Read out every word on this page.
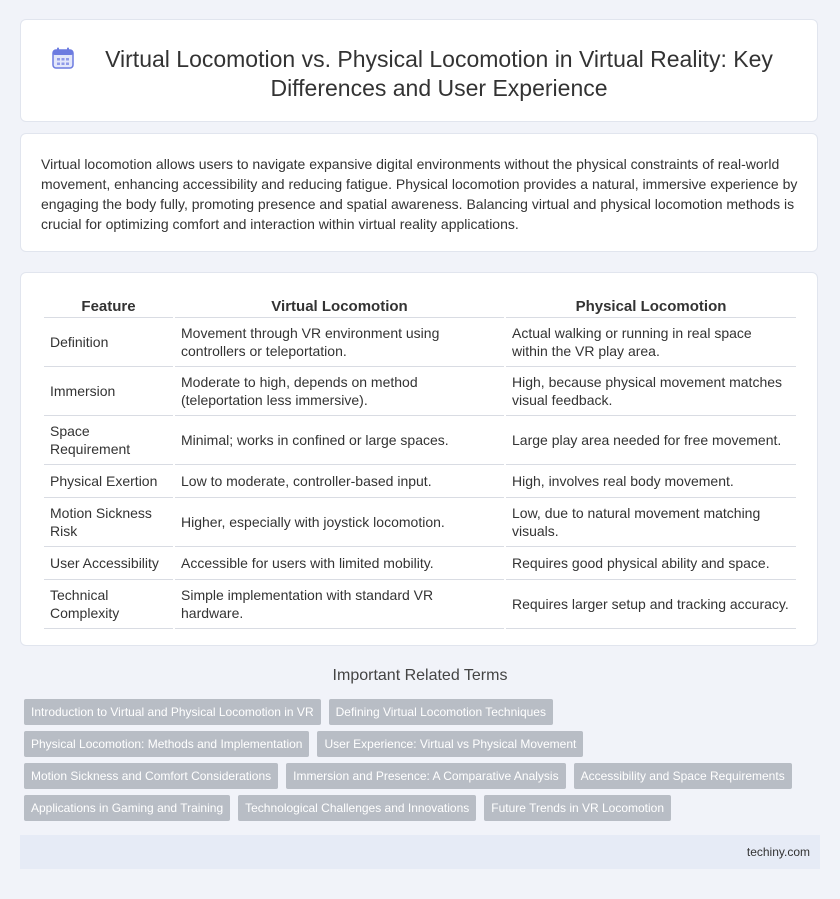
Virtual Locomotion vs. Physical Locomotion in Virtual Reality: Key Differences and User Experience

Virtual locomotion allows users to navigate expansive digital environments without the physical constraints of real-world movement, enhancing accessibility and reducing fatigue. Physical locomotion provides a natural, immersive experience by engaging the body fully, promoting presence and spatial awareness. Balancing virtual and physical locomotion methods is crucial for optimizing comfort and interaction within virtual reality applications.

Feature	Virtual Locomotion	Physical Locomotion
Definition	Movement through VR environment using controllers or teleportation.	Actual walking or running in real space within the VR play area.
Immersion	Moderate to high, depends on method (teleportation less immersive).	High, because physical movement matches visual feedback.
Space Requirement	Minimal; works in confined or large spaces.	Large play area needed for free movement.
Physical Exertion	Low to moderate, controller-based input.	High, involves real body movement.
Motion Sickness Risk	Higher, especially with joystick locomotion.	Low, due to natural movement matching visuals.
User Accessibility	Accessible for users with limited mobility.	Requires good physical ability and space.
Technical Complexity	Simple implementation with standard VR hardware.	Requires larger setup and tracking accuracy.
Important Related Terms
Introduction to Virtual and Physical Locomotion in VR	Defining Virtual Locomotion Techniques
Physical Locomotion: Methods and Implementation	User Experience: Virtual vs Physical Movement
Motion Sickness and Comfort Considerations	Immersion and Presence: A Comparative Analysis	Accessibility and Space Requirements
Applications in Gaming and Training	Technological Challenges and Innovations	Future Trends in VR Locomotion
techiny.com
